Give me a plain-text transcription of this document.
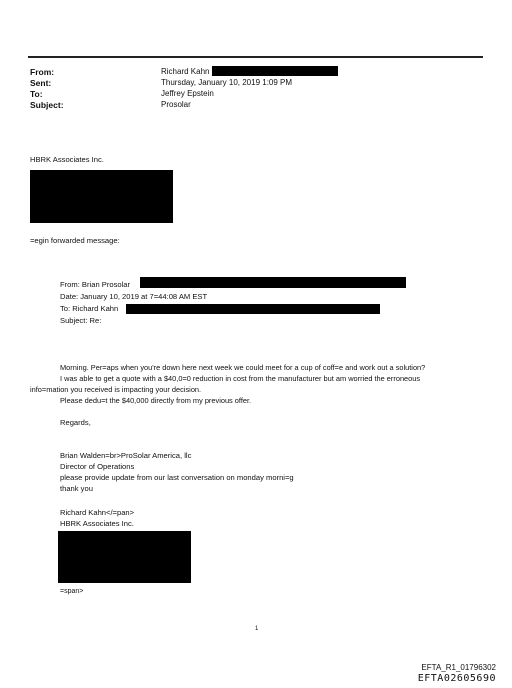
From:
Sent:
To:
Subject:
Richard Kahn
Thursday, January 10, 2019 1:09 PM
Jeffrey Epstein
Prosolar
HBRK Associates Inc.
=egin forwarded message:
From: Brian Prosolar
Date: January 10, 2019 at 7=44:08 AM EST
To: Richard Kahn
Subject: Re:
Morning. Per=aps when you're down here next week we could meet for a cup of coff=e and work out a solution?
I was able to get a quote with a $40,0=0 reduction in cost from the manufacturer but am worried the erroneous
info=mation you received is impacting your decision.
Please dedu=t the $40,000 directly from my previous offer.
Regards,
Brian Walden=br>ProSolar America, llc
Director of Operations
please provide update from our last conversation on monday morni=g
thank you
Richard Kahn</=pan>
HBRK Associates Inc.
=span>
1
EFTA_R1_01796302
EFTA02605690
